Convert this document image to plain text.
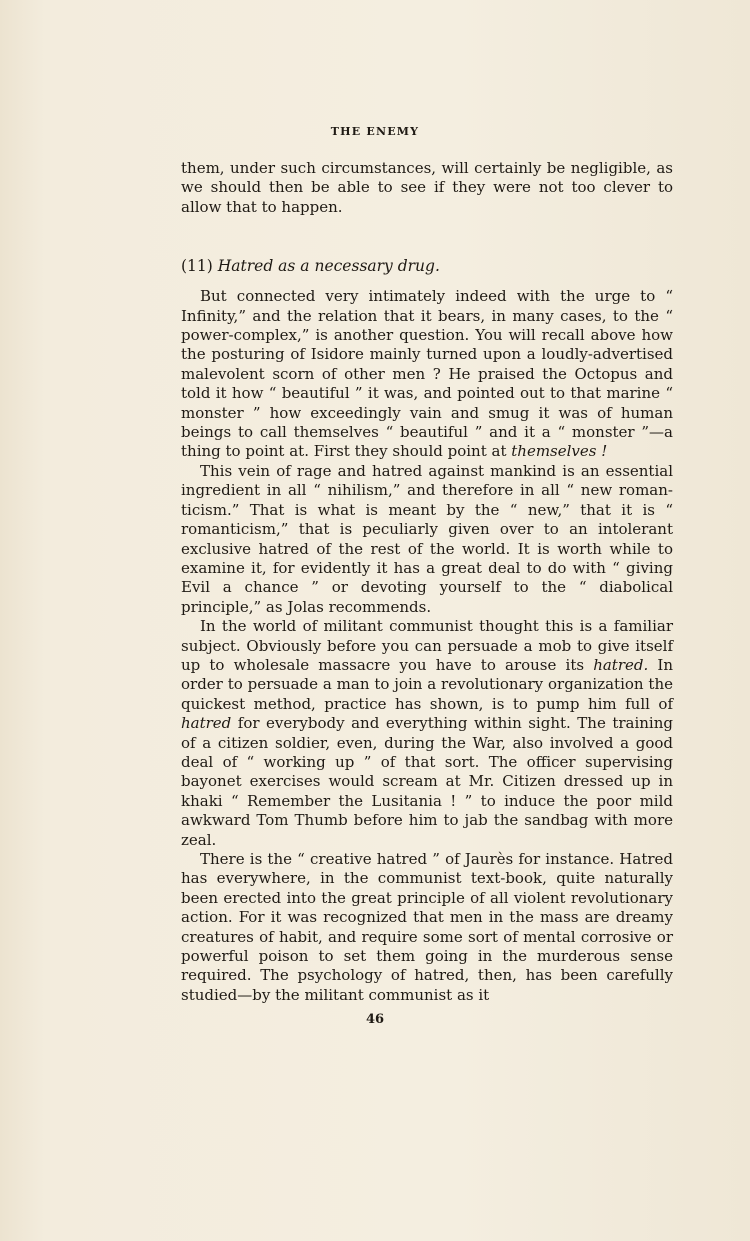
THE ENEMY

them, under such circumstances, will certainly be negligible, as we should then be able to see if they were not too clever to allow that to happen.

(11) Hatred as a necessary drug.

But connected very intimately indeed with the urge to “ Infinity,” and the relation that it bears, in many cases, to the “ power-complex,” is another question. You will recall above how the posturing of Isidore mainly turned upon a loudly-advertised malevolent scorn of other men ? He praised the Octopus and told it how “ beautiful ” it was, and pointed out to that marine “ monster ” how exceedingly vain and smug it was of human beings to call themselves “ beautiful ” and it a “ monster ”—a thing to point at. First they should point at themselves !

This vein of rage and hatred against mankind is an essential ingredient in all “ nihilism,” and therefore in all “ new romanticism.” That is what is meant by the “ new,” that it is “ romanticism,” that is peculiarly given over to an intolerant exclusive hatred of the rest of the world. It is worth while to examine it, for evidently it has a great deal to do with “ giving Evil a chance ” or devoting yourself to the “ diabolical principle,” as Jolas recommends.

In the world of militant communist thought this is a familiar subject. Obviously before you can persuade a mob to give itself up to wholesale massacre you have to arouse its hatred. In order to persuade a man to join a revolutionary organization the quickest method, practice has shown, is to pump him full of hatred for everybody and everything within sight. The training of a citizen soldier, even, during the War, also involved a good deal of “ working up ” of that sort. The officer supervising bayonet exercises would scream at Mr. Citizen dressed up in khaki “ Remember the Lusitania ! ” to induce the poor mild awkward Tom Thumb before him to jab the sandbag with more zeal.

There is the “ creative hatred ” of Jaurès for instance. Hatred has everywhere, in the communist text-book, quite naturally been erected into the great principle of all violent revolutionary action. For it was recognized that men in the mass are dreamy creatures of habit, and require some sort of mental corrosive or powerful poison to set them going in the murderous sense required. The psychology of hatred, then, has been carefully studied—by the militant communist as it

46
